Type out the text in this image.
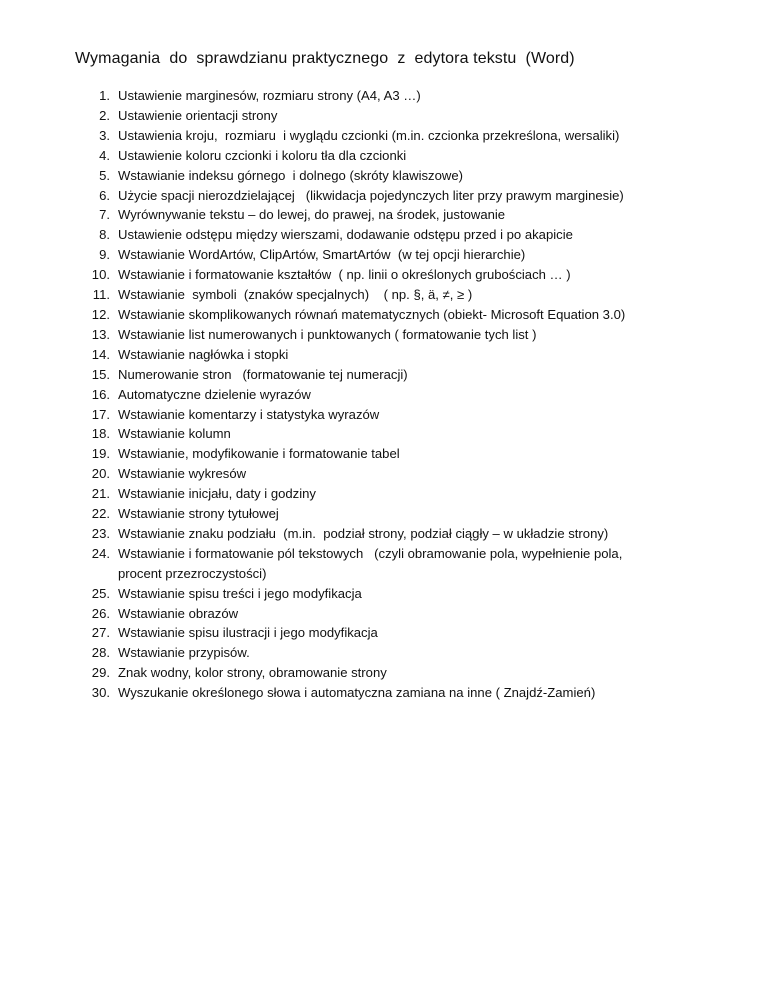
Wymagania  do  sprawdzianu praktycznego  z  edytora tekstu  (Word)
1. Ustawienie marginesów, rozmiaru strony (A4, A3 …)
2. Ustawienie orientacji strony
3. Ustawienia kroju,  rozmiaru  i wyglądu czcionki (m.in. czcionka przekreślona, wersaliki)
4. Ustawienie koloru czcionki i koloru tła dla czcionki
5. Wstawianie indeksu górnego  i dolnego (skróty klawiszowe)
6. Użycie spacji nierozdzielającej   (likwidacja pojedynczych liter przy prawym marginesie)
7. Wyrównywanie tekstu – do lewej, do prawej, na środek, justowanie
8. Ustawienie odstępu między wierszami, dodawanie odstępu przed i po akapicie
9. Wstawianie WordArtów, ClipArtów, SmartArtów  (w tej opcji hierarchie)
10. Wstawianie i formatowanie kształtów  ( np. linii o określonych grubościach … )
11. Wstawianie  symboli  (znaków specjalnych)    ( np. §, ä, ≠, ≥ )
12. Wstawianie skomplikowanych równań matematycznych (obiekt- Microsoft Equation 3.0)
13. Wstawianie list numerowanych i punktowanych ( formatowanie tych list )
14. Wstawianie nagłówka i stopki
15. Numerowanie stron   (formatowanie tej numeracji)
16. Automatyczne dzielenie wyrazów
17. Wstawianie komentarzy i statystyka wyrazów
18. Wstawianie kolumn
19. Wstawianie, modyfikowanie i formatowanie tabel
20. Wstawianie wykresów
21. Wstawianie inicjału, daty i godziny
22. Wstawianie strony tytułowej
23. Wstawianie znaku podziału  (m.in.  podział strony, podział ciągły – w układzie strony)
24. Wstawianie i formatowanie pól tekstowych   (czyli obramowanie pola, wypełnienie pola,
procent przezroczystości)
25. Wstawianie spisu treści i jego modyfikacja
26. Wstawianie obrazów
27. Wstawianie spisu ilustracji i jego modyfikacja
28. Wstawianie przypisów.
29. Znak wodny, kolor strony, obramowanie strony
30. Wyszukanie określonego słowa i automatyczna zamiana na inne ( Znajdź-Zamień)
